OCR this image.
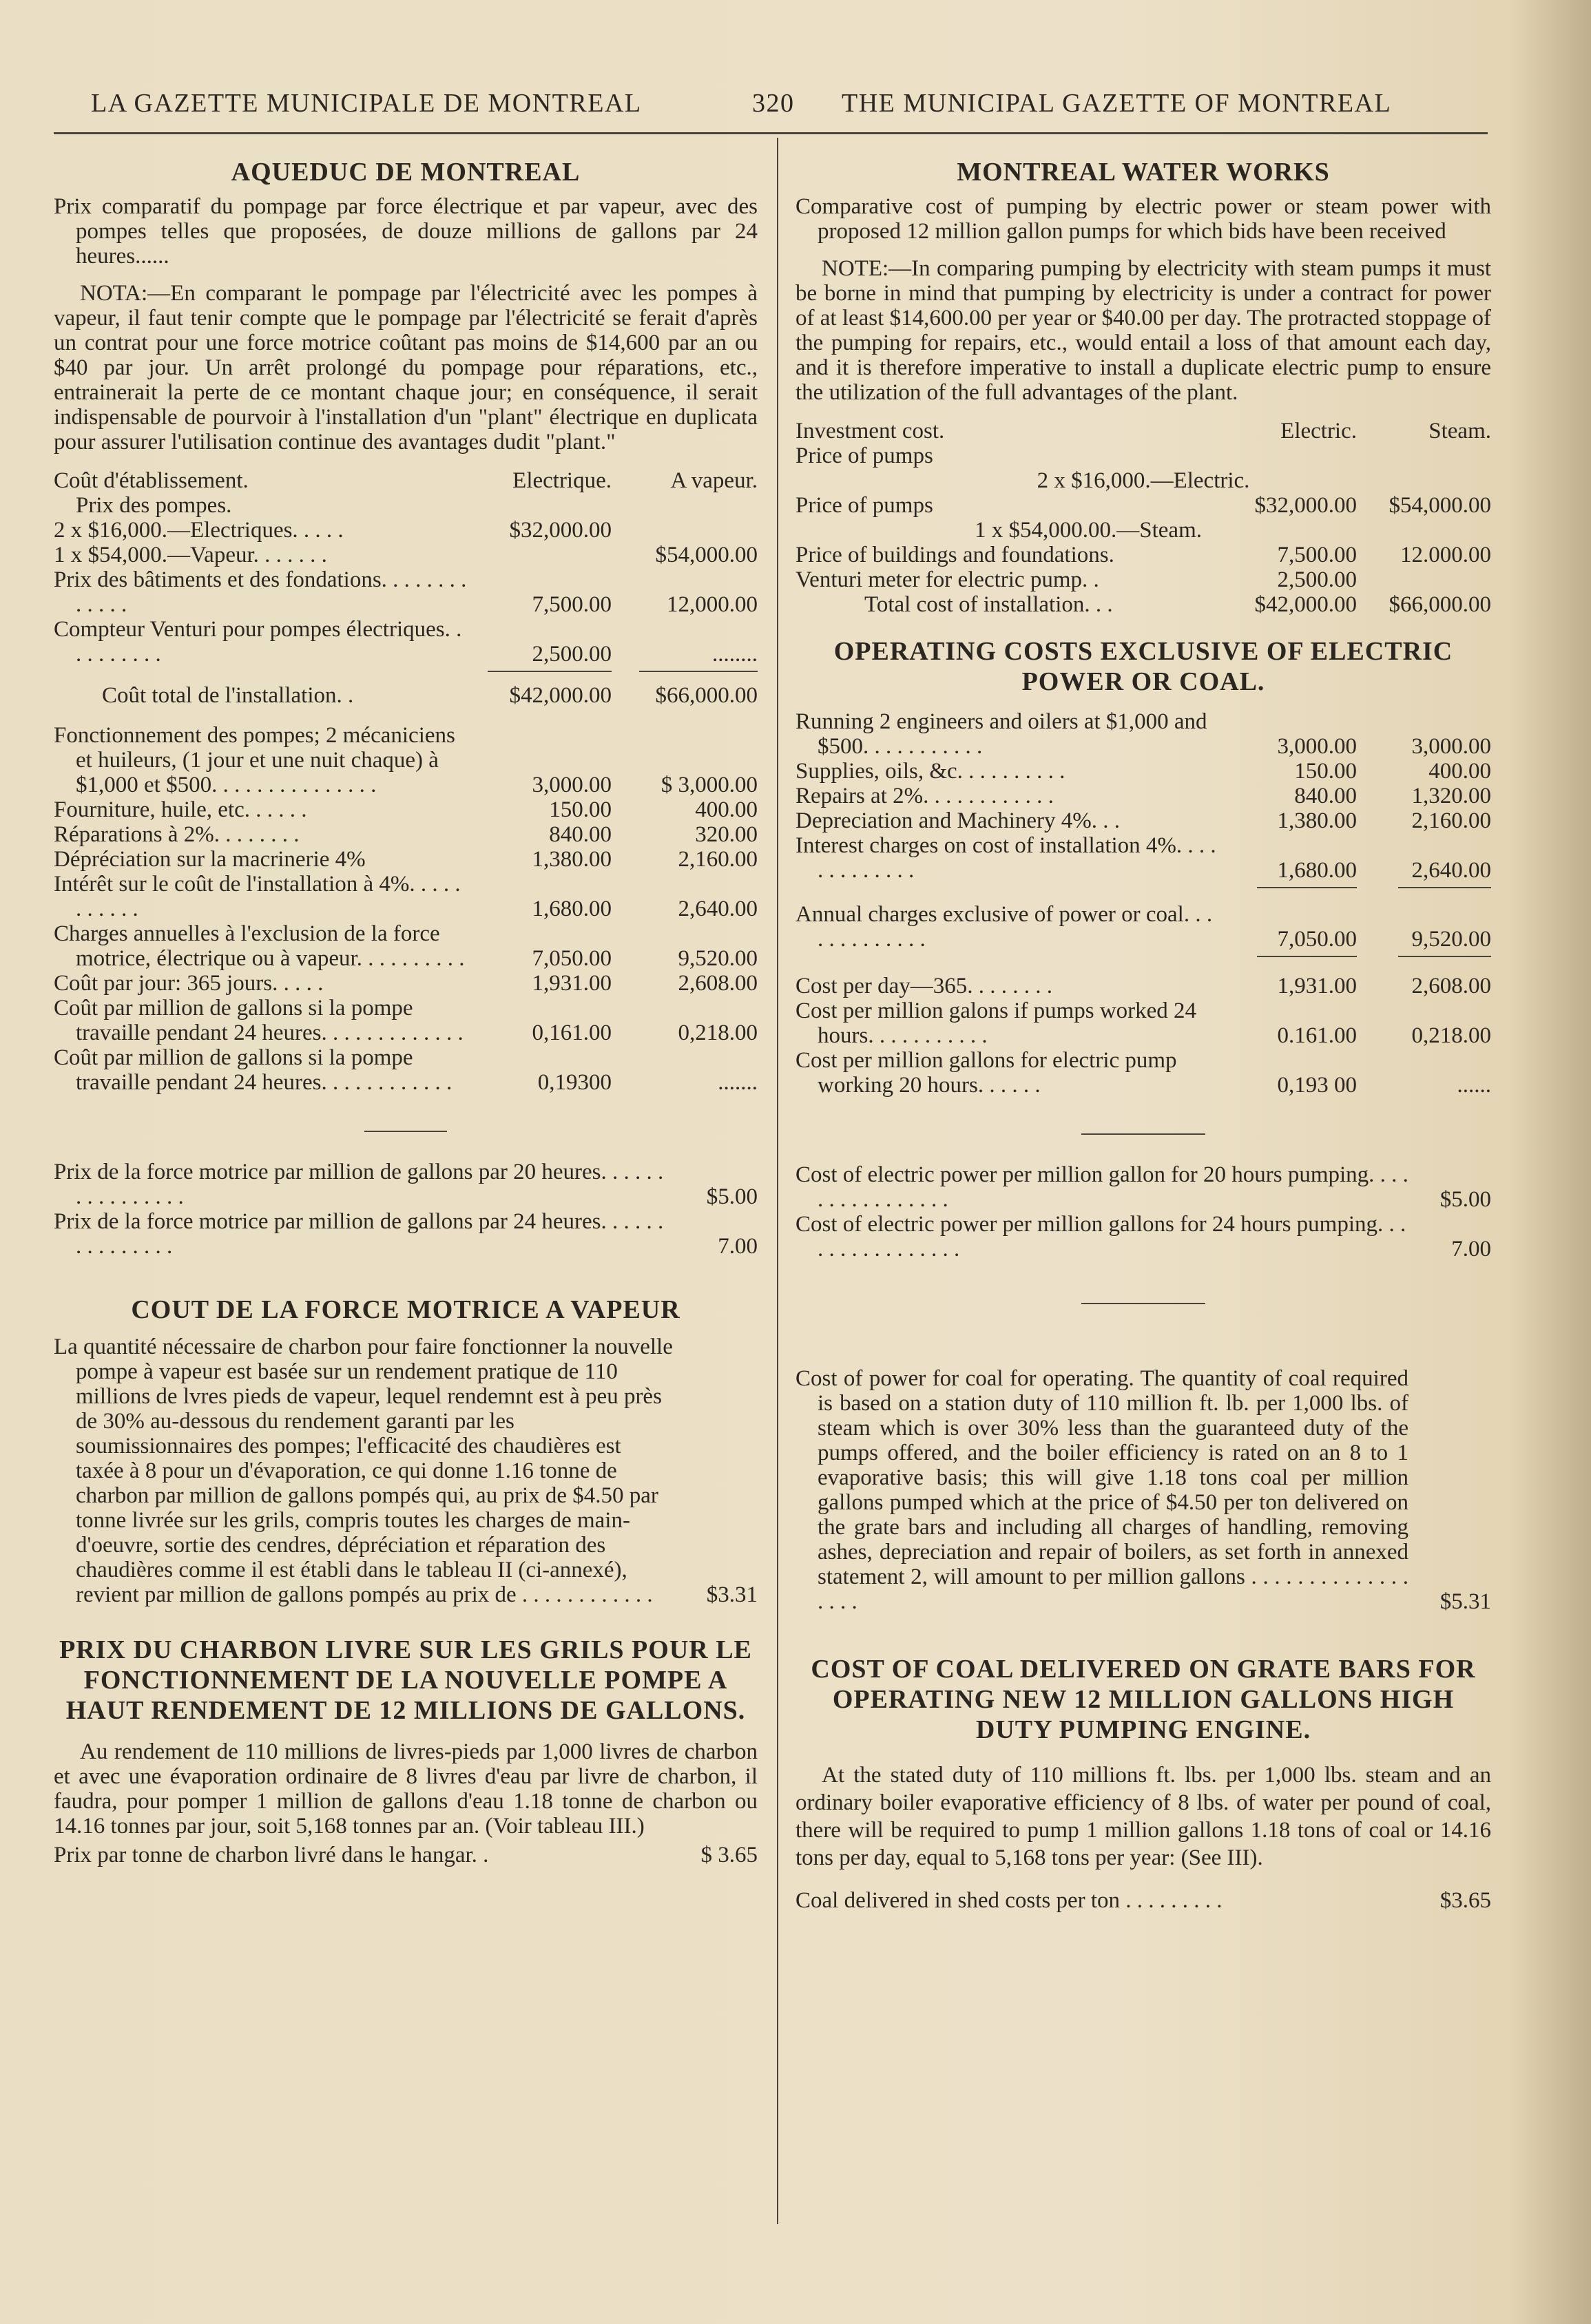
LA GAZETTE MUNICIPALE DE MONTREAL	320 THE MUNICIPAL GAZETTE OF MONTREAL
AQUEDUC DE MONTREAL

Prix comparatif du pompage par force électrique et par vapeur, avec des pompes telles que proposées, de douze millions de gallons par 24 heures......

NOTA:—En comparant le pompage par l'électricité avec les pompes à vapeur, il faut tenir compte que le pompage par l'électricité se ferait d'après un contrat pour une force motrice coûtant pas moins de $14,600 par an ou $40 par jour. Un arrêt prolongé du pompage pour réparations, etc., entrainerait la perte de ce montant chaque jour; en conséquence, il serait indispensable de pourvoir à l'installation d'un "plant" électrique en duplicata pour assurer l'utilisation continue des avantages dudit "plant."

Coût d'établissement.	Electrique.	A vapeur.
Prix des pompes.		
2 x $16,000.—Electriques. . . . .	$32,000.00	
1 x $54,000.—Vapeur. . . . . . .		$54,000.00
Prix des bâtiments et des fondations. . . . . . . . . . . . .	7,500.00	12,000.00
Compteur Venturi pour pompes électriques. . . . . . . . . .	2,500.00	........

Coût total de l'installation. .	$42,000.00	$66,000.00
Fonctionnement des pompes; 2 mécaniciens et huileurs, (1 jour et une nuit chaque) à $1,000 et $500. . . . . . . . . . . . . . .	3,000.00	$ 3,000.00
Fourniture, huile, etc. . . . . .	150.00	400.00
Réparations à 2%. . . . . . . .	840.00	320.00
Dépréciation sur la macrinerie 4%	1,380.00	2,160.00
Intérêt sur le coût de l'installation à 4%. . . . . . . . . . .	1,680.00	2,640.00
Charges annuelles à l'exclusion de la force motrice, électrique ou à vapeur. . . . . . . . . .	7,050.00	9,520.00
Coût par jour: 365 jours. . . . .	1,931.00	2,608.00
Coût par million de gallons si la pompe travaille pendant 24 heures. . . . . . . . . . . . .	0,161.00	0,218.00
Coût par million de gallons si la pompe travaille pendant 24 heures. . . . . . . . . . . .	0,19300	.......
Prix de la force motrice par million de gallons par 20 heures. . . . . . . . . . . . . . . .	$5.00
Prix de la force motrice par million de gallons par 24 heures. . . . . . . . . . . . . . .	7.00
COUT DE LA FORCE MOTRICE A VAPEUR
La quantité nécessaire de charbon pour faire fonctionner la nouvelle pompe à vapeur est basée sur un rendement pratique de 110 millions de lvres pieds de vapeur, lequel rendemnt est à peu près de 30% au-dessous du rendement garanti par les soumissionnaires des pompes; l'efficacité des chaudières est taxée à 8 pour un d'évaporation, ce qui donne 1.16 tonne de charbon par million de gallons pompés qui, au prix de $4.50 par tonne livrée sur les grils, compris toutes les charges de main-d'oeuvre, sortie des cendres, dépréciation et réparation des chaudières comme il est établi dans le tableau II (ci-annexé), revient par million de gallons pompés au prix de . . . . . . . . . . . .	$3.31
PRIX DU CHARBON LIVRE SUR LES GRILS POUR LE FONCTIONNEMENT DE LA NOUVELLE POMPE A HAUT RENDEMENT DE 12 MILLIONS DE GALLONS.

Au rendement de 110 millions de livres-pieds par 1,000 livres de charbon et avec une évaporation ordinaire de 8 livres d'eau par livre de charbon, il faudra, pour pomper 1 million de gallons d'eau 1.18 tonne de charbon ou 14.16 tonnes par jour, soit 5,168 tonnes par an. (Voir tableau III.)

Prix par tonne de charbon livré dans le hangar. .	$ 3.65
MONTREAL WATER WORKS

Comparative cost of pumping by electric power or steam power with proposed 12 million gallon pumps for which bids have been received

NOTE:—In comparing pumping by electricity with steam pumps it must be borne in mind that pumping by electricity is under a contract for power of at least $14,600.00 per year or $40.00 per day. The protracted stoppage of the pumping for repairs, etc., would entail a loss of that amount each day, and it is therefore imperative to install a duplicate electric pump to ensure the utilization of the full advantages of the plant.

Investment cost.	Electric.	Steam.
Price of pumps		
2 x $16,000.—Electric.		
Price of pumps	$32,000.00	$54,000.00
1 x $54,000.00.—Steam.		
Price of buildings and foundations.	7,500.00	12.000.00
Venturi meter for electric pump. .	2,500.00	
Total cost of installation. . .	$42,000.00	$66,000.00
OPERATING COSTS EXCLUSIVE OF ELECTRIC POWER OR COAL.
Running 2 engineers and oilers at $1,000 and $500. . . . . . . . . . .	3,000.00	3,000.00
Supplies, oils, &c. . . . . . . . . .	150.00	400.00
Repairs at 2%. . . . . . . . . . . .	840.00	1,320.00
Depreciation and Machinery 4%. . .	1,380.00	2,160.00
Interest charges on cost of installation 4%. . . . . . . . . . . . .	1,680.00	2,640.00

Annual charges exclusive of power or coal. . . . . . . . . . . . .	7,050.00	9,520.00

Cost per day—365. . . . . . . .	1,931.00	2,608.00
Cost per million galons if pumps worked 24 hours. . . . . . . . . . .	0.161.00	0,218.00
Cost per million gallons for electric pump working 20 hours. . . . . .	0,193 00	......
Cost of electric power per million gallon for 20 hours pumping. . . . . . . . . . . . . . . .	$5.00
Cost of electric power per million gallons for 24 hours pumping. . . . . . . . . . . . . . . .	7.00
Cost of power for coal for operating. The quantity of coal required is based on a station duty of 110 million ft. lb. per 1,000 lbs. of steam which is over 30% less than the guaranteed duty of the pumps offered, and the boiler efficiency is rated on an 8 to 1 evaporative basis; this will give 1.18 tons coal per million gallons pumped which at the price of $4.50 per ton delivered on the grate bars and including all charges of handling, removing ashes, depreciation and repair of boilers, as set forth in annexed statement 2, will amount to per million gallons . . . . . . . . . . . . . . . . . .	$5.31
COST OF COAL DELIVERED ON GRATE BARS FOR OPERATING NEW 12 MILLION GALLONS HIGH DUTY PUMPING ENGINE.

At the stated duty of 110 millions ft. lbs. per 1,000 lbs. steam and an ordinary boiler evaporative efficiency of 8 lbs. of water per pound of coal, there will be required to pump 1 million gallons 1.18 tons of coal or 14.16 tons per day, equal to 5,168 tons per year: (See III).

Coal delivered in shed costs per ton . . . . . . . . .	$3.65
